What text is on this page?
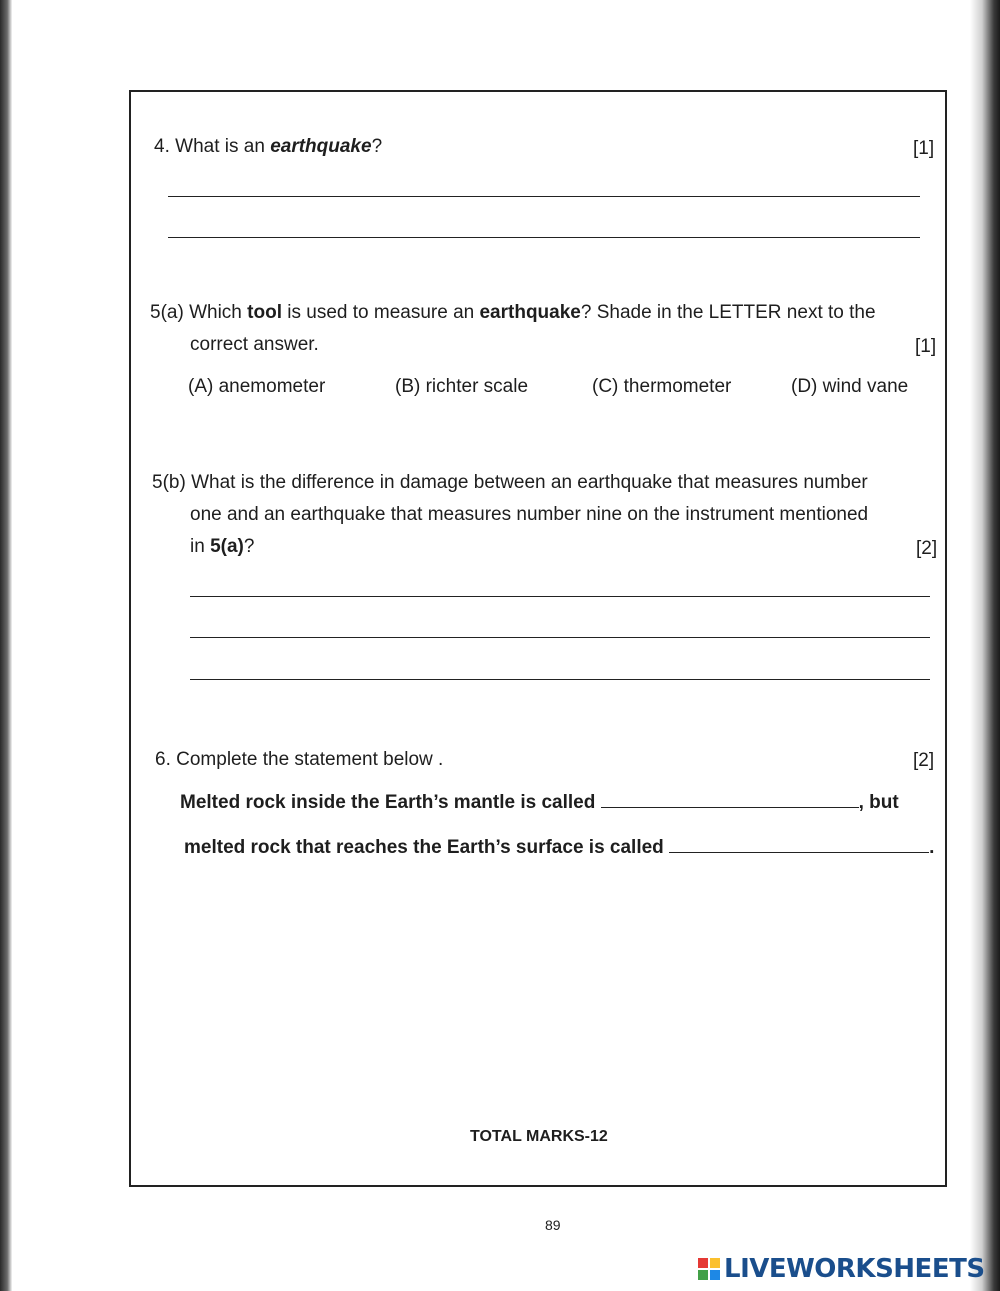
4. What is an earthquake?	[1]
5(a) Which tool is used to measure an earthquake? Shade in the LETTER next to the
correct answer.	[1]
(A) anemometer	(B) richter scale	(C) thermometer	(D) wind vane
5(b) What is the difference in damage between an earthquake that measures number
one and an earthquake that measures number nine on the instrument mentioned
in 5(a)?	[2]
6. Complete the statement below .	[2]
Melted rock inside the Earth’s mantle is called	, but
melted rock that reaches the Earth’s surface is called	.
TOTAL MARKS-12
89
LIVEWORKSHEETS
